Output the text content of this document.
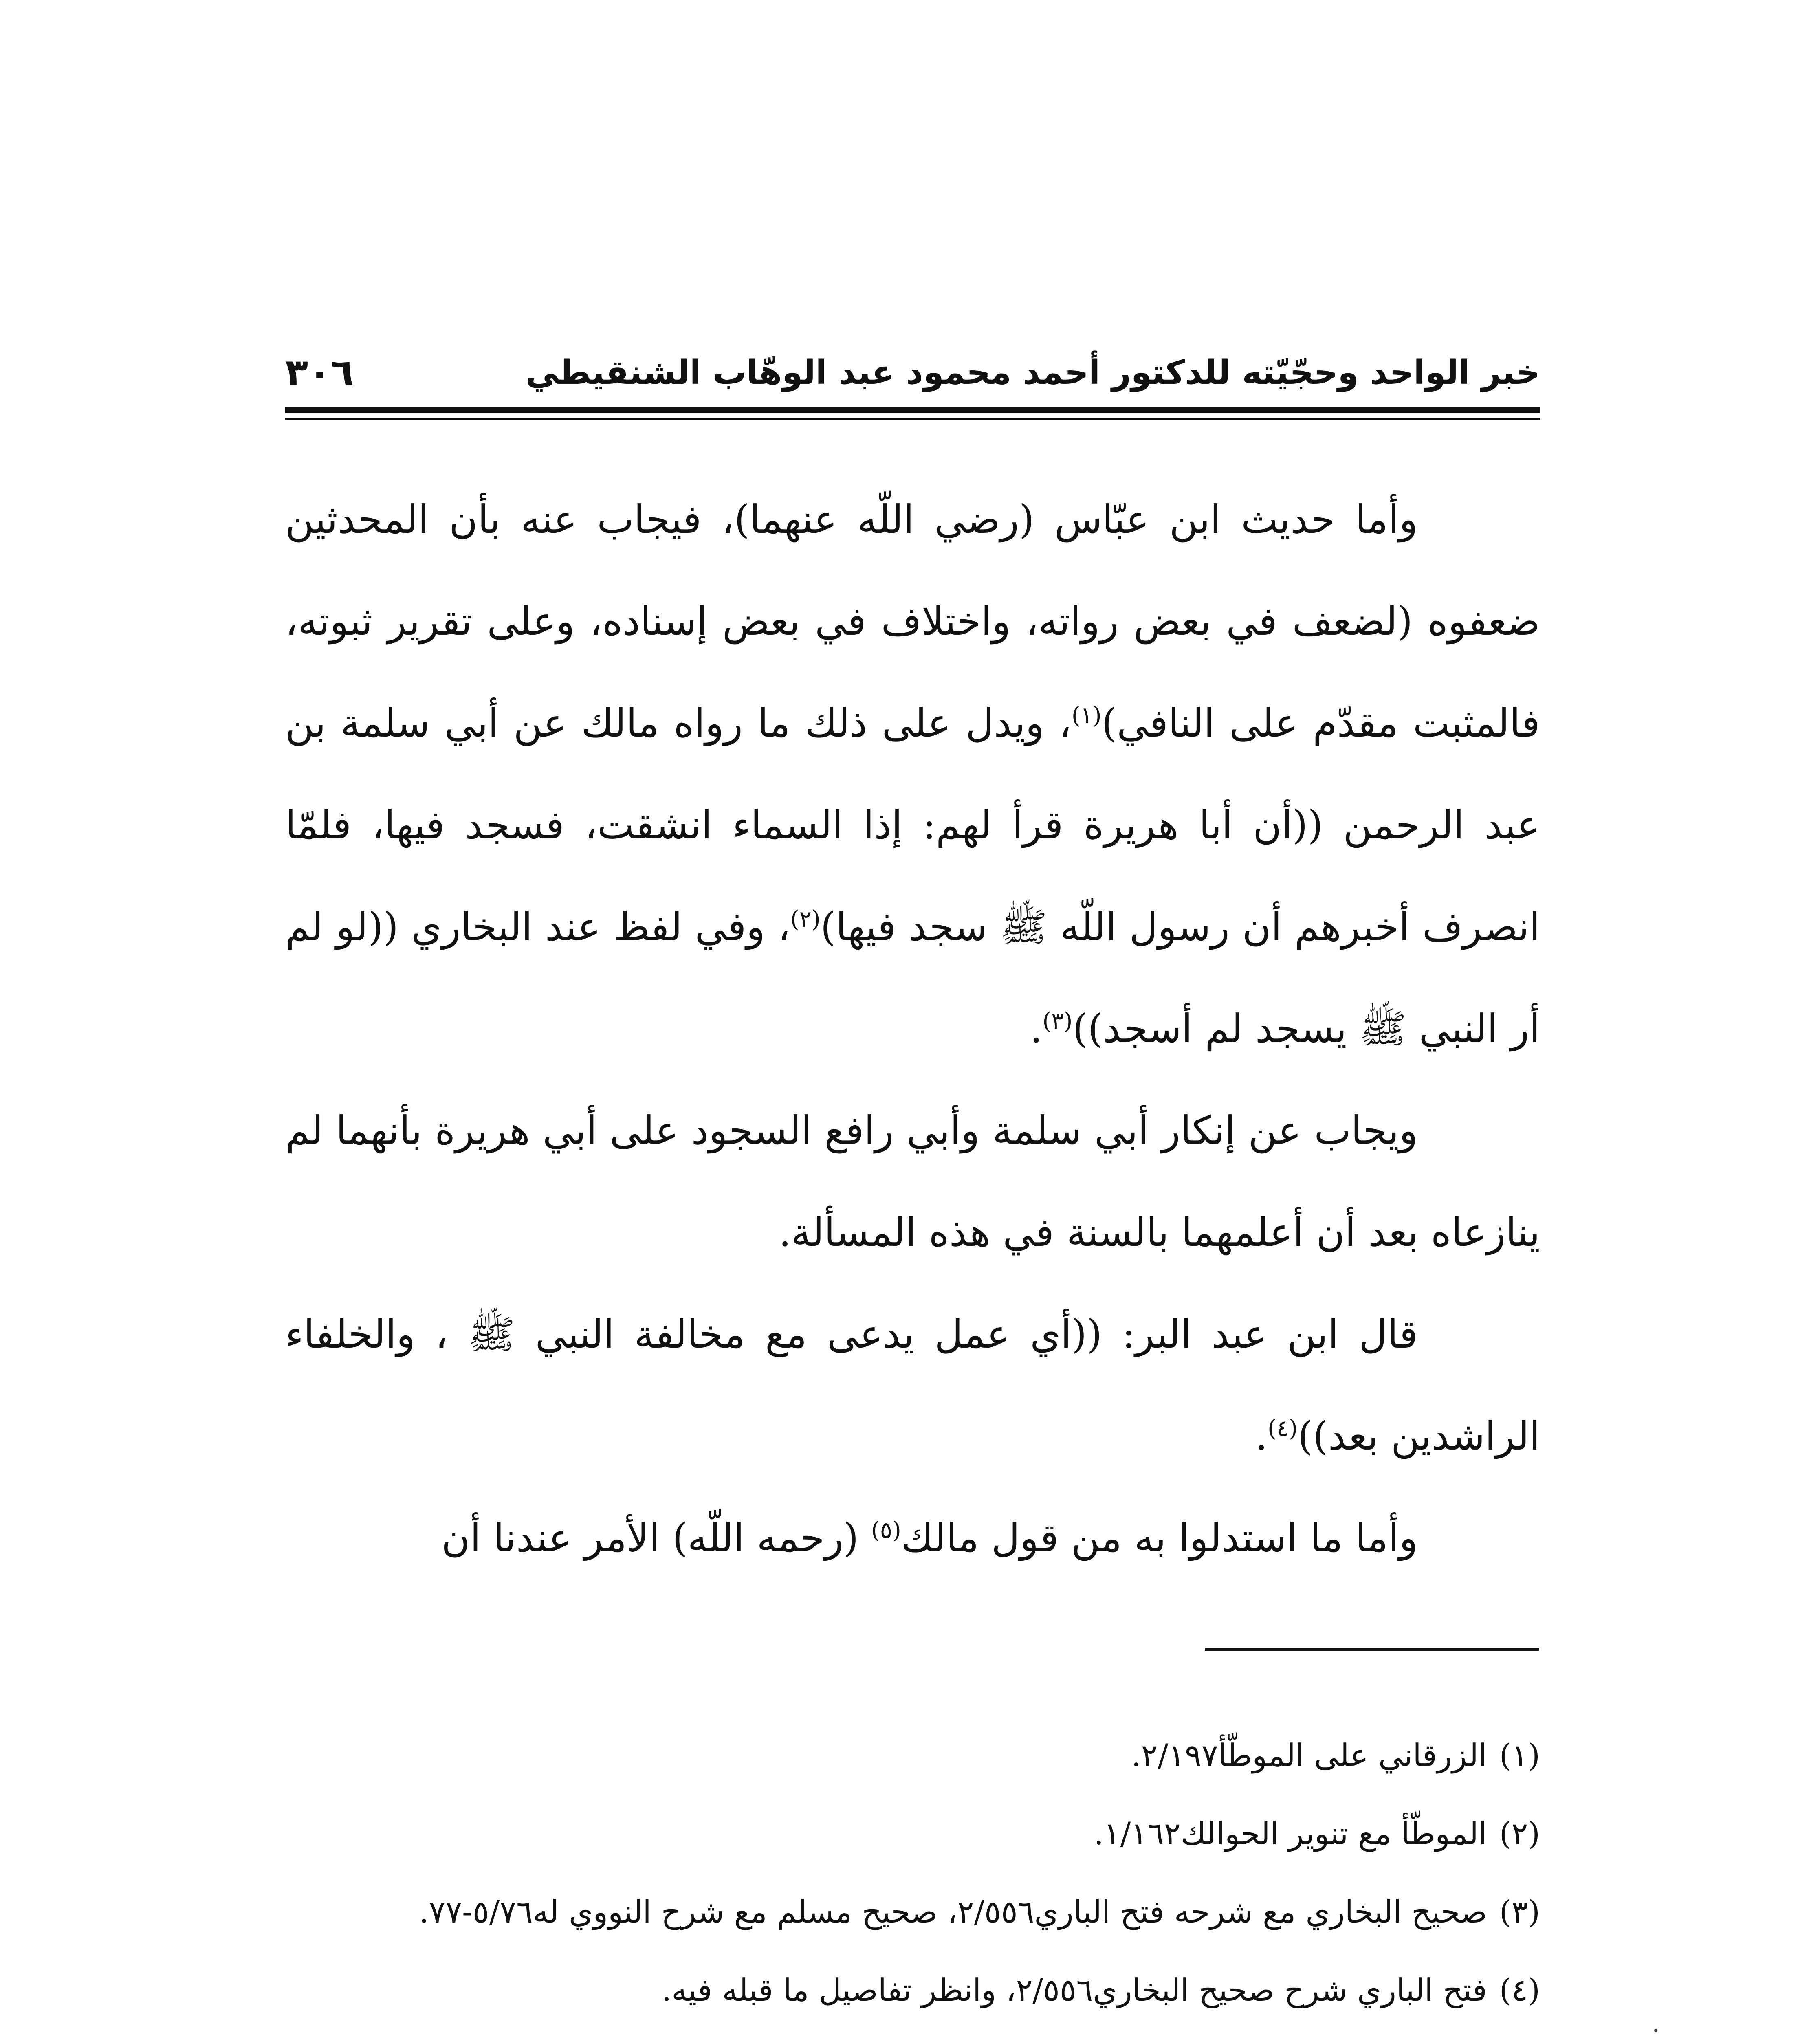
خبر الواحد وحجّيّته للدكتور أحمد محمود عبد الوهّاب الشنقيطي
٣٠٦

وأما حديث ابن عبّاس (رضي اللّه عنهما)، فيجاب عنه بأن المحدثين ضعفوه (لضعف في بعض رواته، واختلاف في بعض إسناده، وعلى تقرير ثبوته، فالمثبت مقدّم على النافي)$^{(١)}$، ويدل على ذلك ما رواه مالك عن أبي سلمة بن عبد الرحمن ((أن أبا هريرة قرأ لهم: إذا السماء انشقت، فسجد فيها، فلمّا انصرف أخبرهم أن رسول اللّه ﷺ سجد فيها)$^{(٢)}$، وفي لفظ عند البخاري ((لو لم أر النبي ﷺ يسجد لم أسجد))$^{(٣)}$.

ويجاب عن إنكار أبي سلمة وأبي رافع السجود على أبي هريرة بأنهما لم ينازعاه بعد أن أعلمهما بالسنة في هذه المسألة.

قال ابن عبد البر: ((أي عمل يدعى مع مخالفة النبي ﷺ ، والخلفاء الراشدين بعد))$^{(٤)}$.

وأما ما استدلوا به من قول مالك$^{(٥)}$ (رحمه اللّه) الأمر عندنا أن

(١)الزرقاني على الموطّأ٢/١٩٧.

(٢)الموطّأ مع تنوير الحوالك١/١٦٢.

(٣)صحيح البخاري مع شرحه فتح الباري٢/٥٥٦، صحيح مسلم مع شرح النووي له٥/٧٦-٧٧.

(٤)فتح الباري شرح صحيح البخاري٢/٥٥٦، وانظر تفاصيل ما قبله فيه.
